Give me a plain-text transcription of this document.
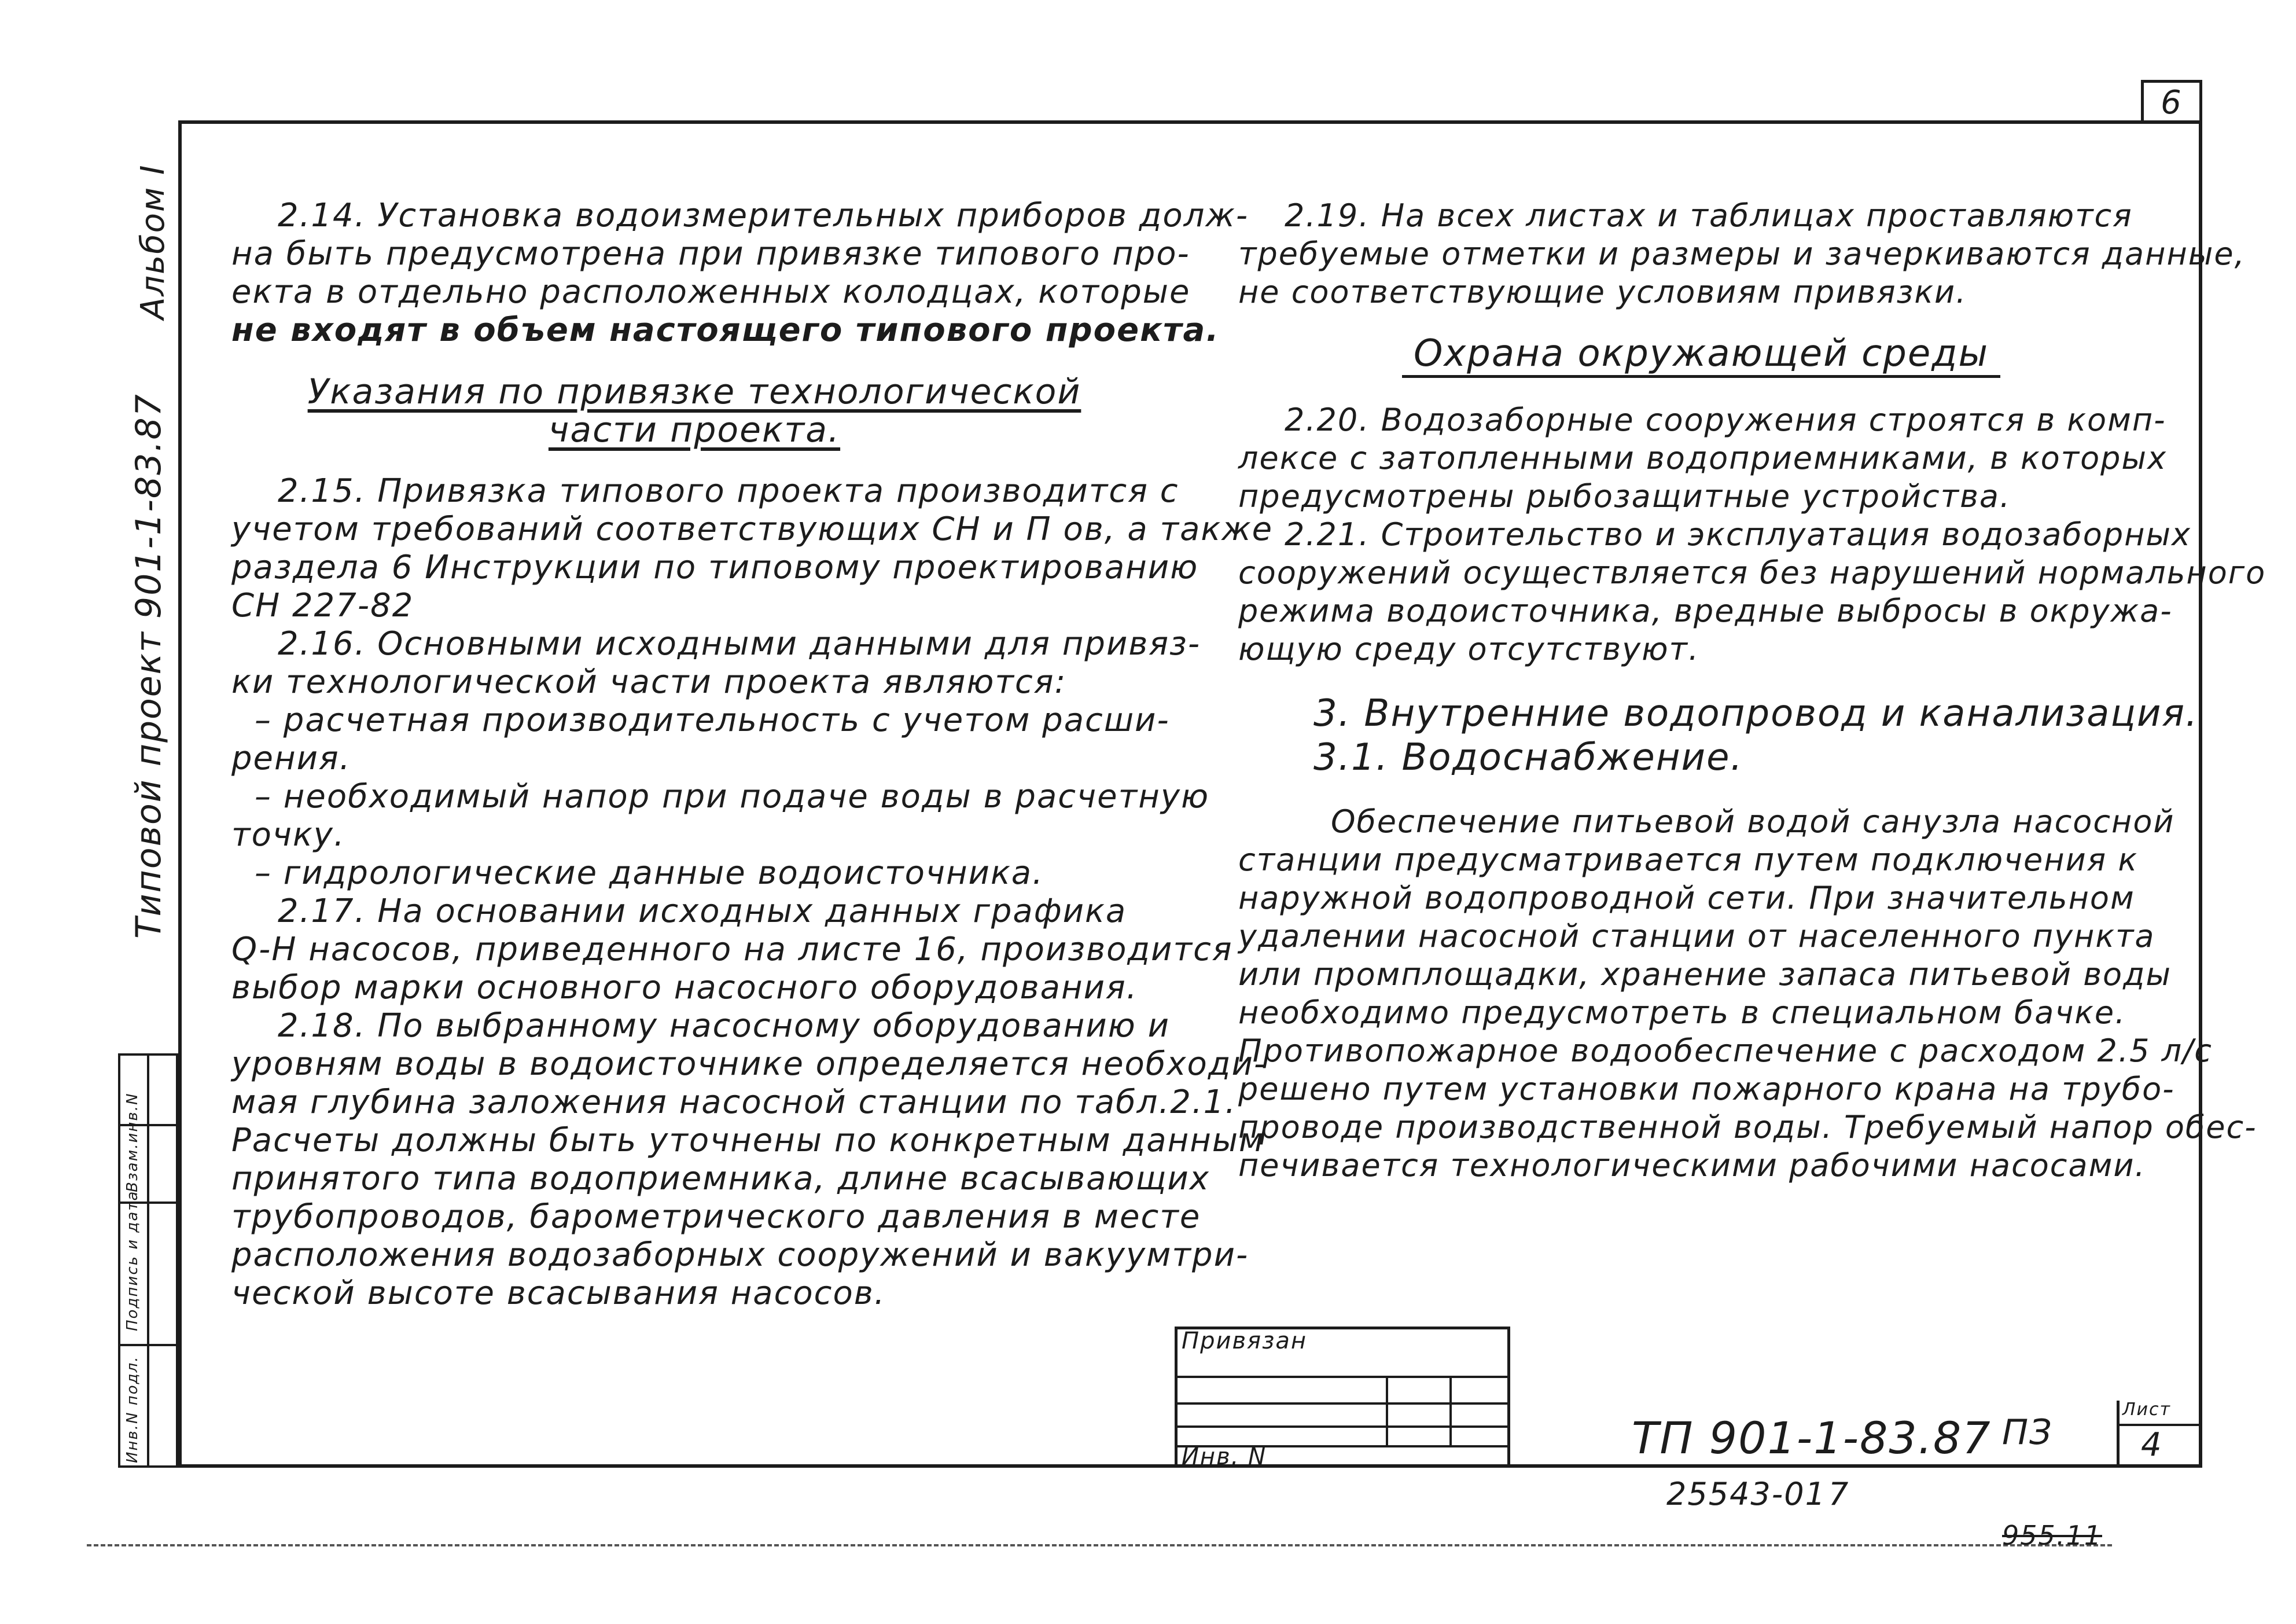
6
Альбом I
Типовой проект 901-1-83.87
Инв.N подл.
Подпись и дата
Взам.инв.N

2.14. Установка водоизмерительных приборов долж-

на быть предусмотрена при привязке типового про-

екта в отдельно расположенных колодцах, которые

не входят в объем настоящего типового проекта.

Указания по привязке технологической

части проекта.

2.15. Привязка типового проекта производится с

учетом требований соответствующих СН и П ов, а также

раздела 6 Инструкции по типовому проектированию

СН 227-82

2.16. Основными исходными данными для привяз-

ки технологической части проекта являются:

– расчетная производительность с учетом расши-

рения.

– необходимый напор при подаче воды в расчетную

точку.

– гидрологические данные водоисточника.

2.17. На основании исходных данных графика

Q-H насосов, приведенного на листе 16, производится

выбор марки основного насосного оборудования.

2.18. По выбранному насосному оборудованию и

уровням воды в водоисточнике определяется необходи-

мая глубина заложения насосной станции по табл.2.1.

Расчеты должны быть уточнены по конкретным данным

принятого типа водоприемника, длине всасывающих

трубопроводов, барометрического давления в месте

расположения водозаборных сооружений и вакуумтри-

ческой высоте всасывания насосов.

2.19. На всех листах и таблицах проставляются

требуемые отметки и размеры и зачеркиваются данные,

не соответствующие условиям привязки.

Охрана окружающей среды

2.20. Водозаборные сооружения строятся в комп-

лексе с затопленными водоприемниками, в которых

предусмотрены рыбозащитные устройства.

2.21. Строительство и эксплуатация водозаборных

сооружений осуществляется без нарушений нормального

режима водоисточника, вредные выбросы в окружа-

ющую среду отсутствуют.

3. Внутренние водопровод и канализация.

3.1. Водоснабжение.

Обеспечение питьевой водой санузла насосной

станции предусматривается путем подключения к

наружной водопроводной сети. При значительном

удалении насосной станции от населенного пункта

или промплощадки, хранение запаса питьевой воды

необходимо предусмотреть в специальном бачке.

Противопожарное водообеспечение с расходом 2.5 л/с

решено путем установки пожарного крана на трубо-

проводе производственной воды. Требуемый напор обес-

печивается технологическими рабочими насосами.

Привязан
Инв. N	ТП 901-1-83.87 ПЗ
Лист
4
25543-01 7
955.11
